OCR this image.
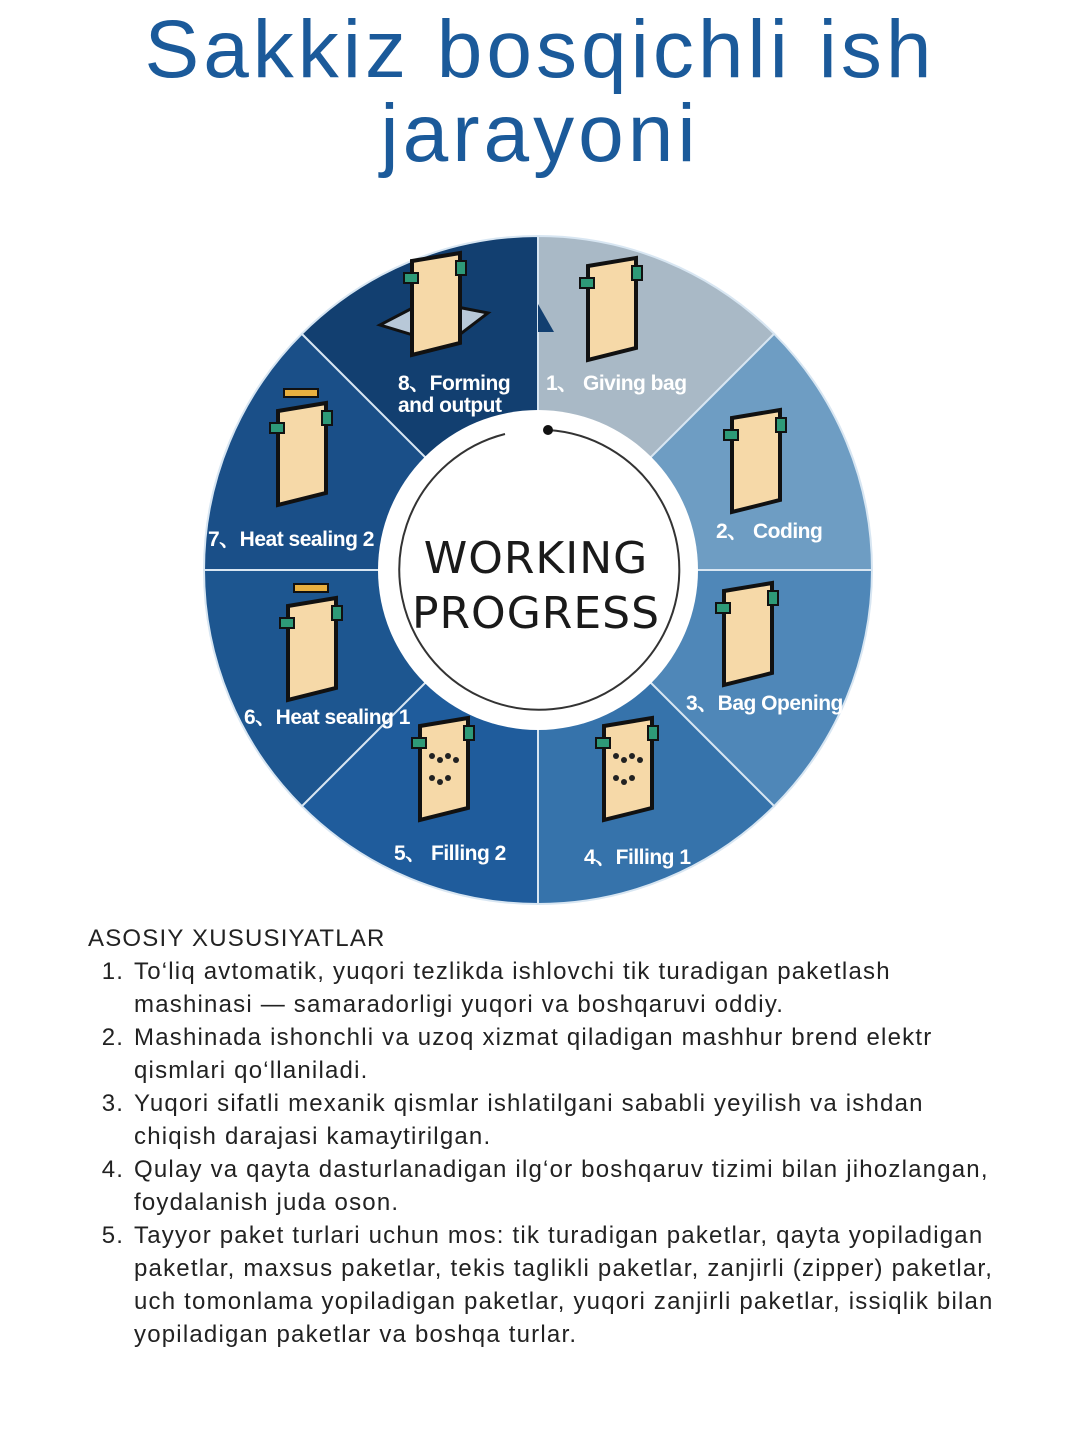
Sakkiz bosqichli ish
jarayoni
1、 Giving bag
2、 Coding
3、Bag Opening
4、Filling 1
5、 Filling 2
6、Heat sealing 1
7、Heat sealing 2
8、Forming
and output
WORKING
PROGRESS
ASOSIY XUSUSIYATLAR
1. To‘liq avtomatik, yuqori tezlikda ishlovchi tik turadigan paketlash mashinasi — samaradorligi yuqori va boshqaruvi oddiy.
2. Mashinada ishonchli va uzoq xizmat qiladigan mashhur brend elektr qismlari qo‘llaniladi.
3. Yuqori sifatli mexanik qismlar ishlatilgani sababli yeyilish va ishdan chiqish darajasi kamaytirilgan.
4. Qulay va qayta dasturlanadigan ilg‘or boshqaruv tizimi bilan jihozlangan, foydalanish juda oson.
5. Tayyor paket turlari uchun mos: tik turadigan paketlar, qayta yopiladigan paketlar, maxsus paketlar, tekis taglikli paketlar, zanjirli (zipper) paketlar, uch tomonlama yopiladigan paketlar, yuqori zanjirli paketlar, issiqlik bilan yopiladigan paketlar va boshqa turlar.
